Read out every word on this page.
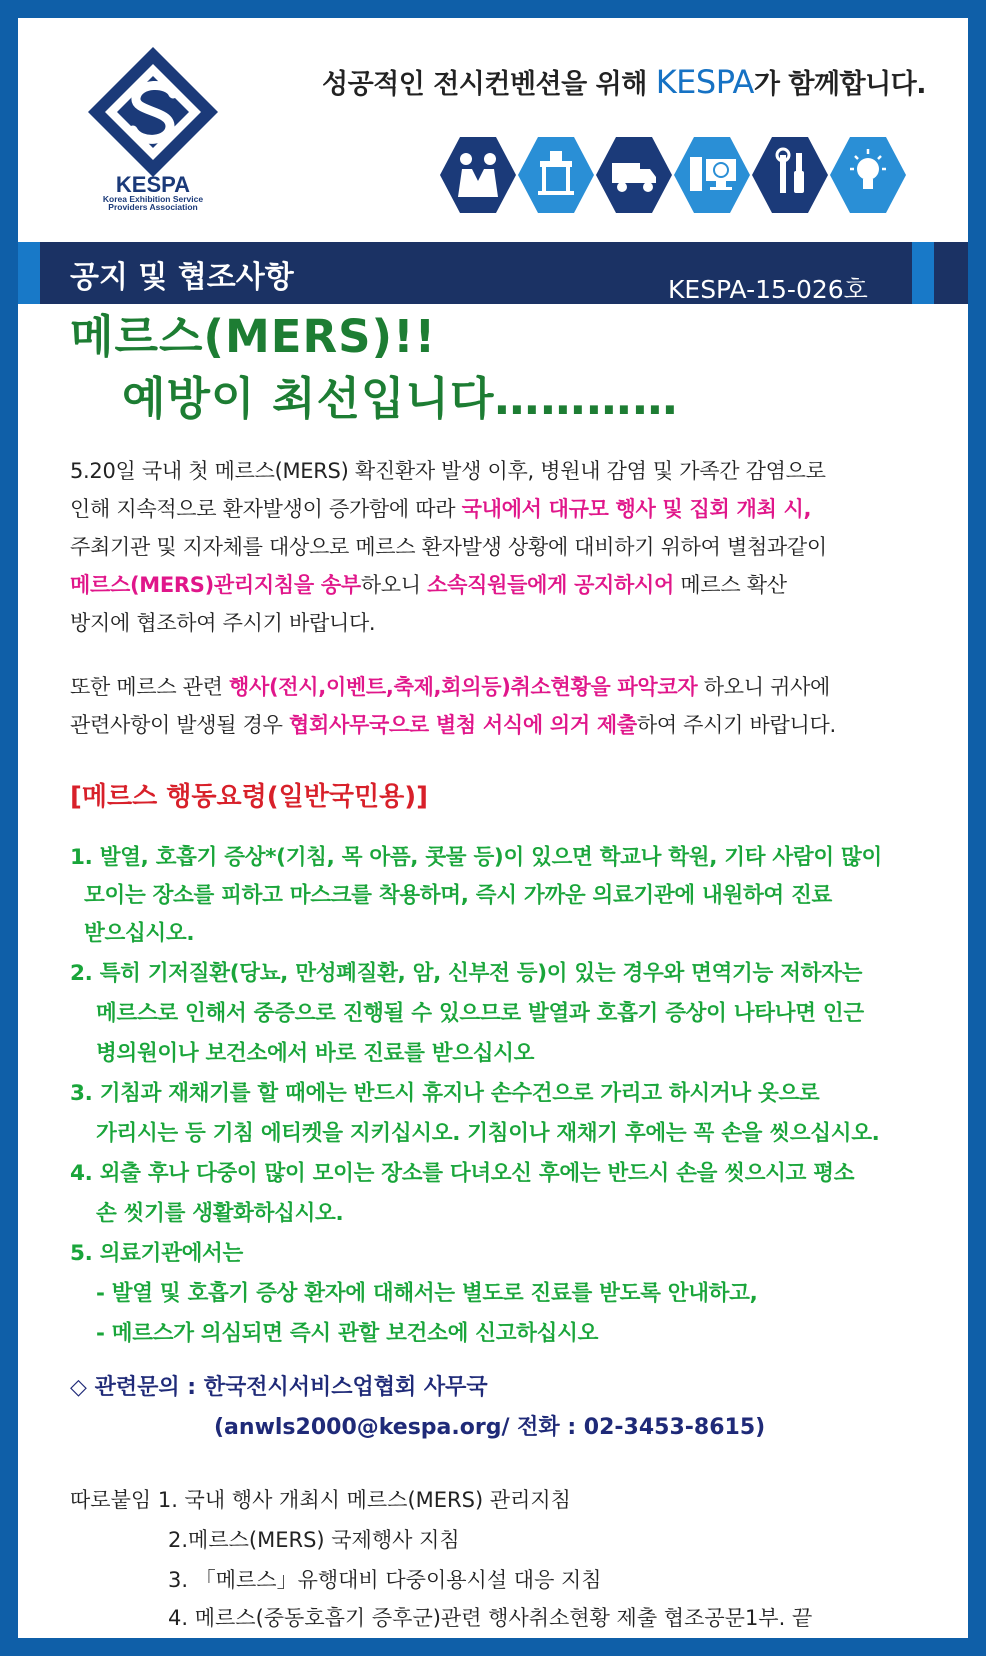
KESPA
Korea Exhibition Service
Providers Association
성공적인 전시컨벤션을 위해 KESPA가 함께합니다.
공지 및 협조사항	KESPA-15-026호
메르스(MERS)!!
예방이 최선입니다…………
5.20일 국내 첫 메르스(MERS) 확진환자 발생 이후, 병원내 감염 및 가족간 감염으로
인해 지속적으로 환자발생이 증가함에 따라 국내에서 대규모 행사 및 집회 개최 시,
주최기관 및 지자체를 대상으로 메르스 환자발생 상황에 대비하기 위하여 별첨과같이
메르스(MERS)관리지침을 송부하오니 소속직원들에게 공지하시어 메르스 확산
방지에 협조하여 주시기 바랍니다.
또한 메르스 관련 행사(전시,이벤트,축제,회의등)취소현황을 파악코자 하오니 귀사에
관련사항이 발생될 경우 협회사무국으로 별첨 서식에 의거 제출하여 주시기 바랍니다.
[메르스 행동요령(일반국민용)]
1. 발열, 호흡기 증상*(기침, 목 아픔, 콧물 등)이 있으면 학교나 학원, 기타 사람이 많이
모이는 장소를 피하고 마스크를 착용하며, 즉시 가까운 의료기관에 내원하여 진료
받으십시오.
2. 특히 기저질환(당뇨, 만성폐질환, 암, 신부전 등)이 있는 경우와 면역기능 저하자는
메르스로 인해서 중증으로 진행될 수 있으므로 발열과 호흡기 증상이 나타나면 인근
병의원이나 보건소에서 바로 진료를 받으십시오
3. 기침과 재채기를 할 때에는 반드시 휴지나 손수건으로 가리고 하시거나 옷으로
가리시는 등 기침 에티켓을 지키십시오. 기침이나 재채기 후에는 꼭 손을 씻으십시오.
4. 외출 후나 다중이 많이 모이는 장소를 다녀오신 후에는 반드시 손을 씻으시고 평소
손 씻기를 생활화하십시오.
5. 의료기관에서는
- 발열 및 호흡기 증상 환자에 대해서는 별도로 진료를 받도록 안내하고,
- 메르스가 의심되면 즉시 관할 보건소에 신고하십시오
◇ 관련문의 : 한국전시서비스업협회 사무국
(anwls2000@kespa.org/ 전화 : 02-3453-8615)
따로붙임 1. 국내 행사 개최시 메르스(MERS) 관리지침
2.메르스(MERS) 국제행사 지침
3. 「메르스」유행대비 다중이용시설 대응 지침
4. 메르스(중동호흡기 증후군)관련 행사취소현황 제출 협조공문1부. 끝
